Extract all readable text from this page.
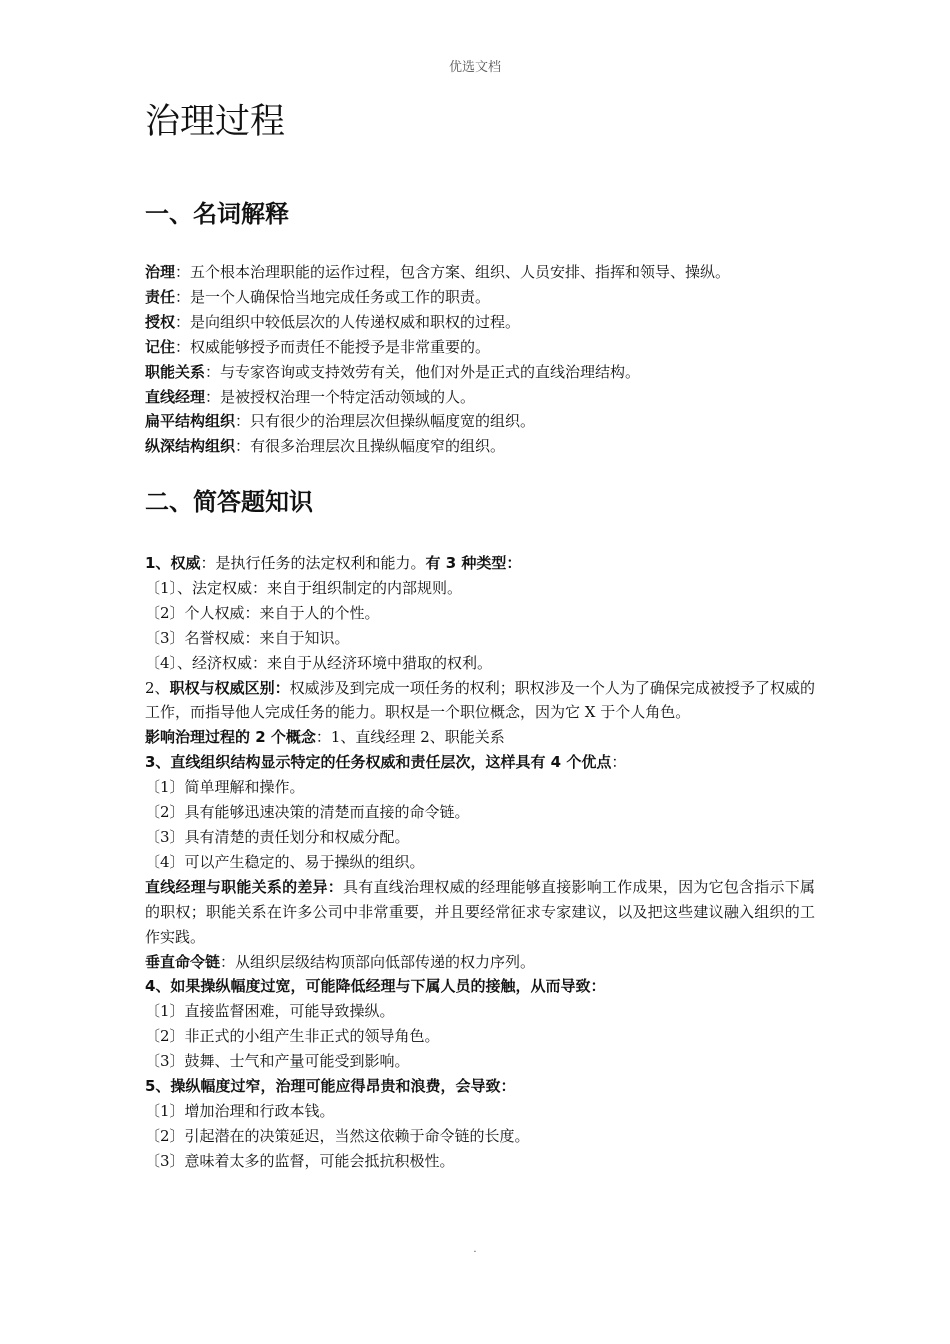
优选文档
治理过程
一、名词解释
治理：五个根本治理职能的运作过程，包含方案、组织、人员安排、指挥和领导、操纵。
责任：是一个人确保恰当地完成任务或工作的职责。
授权：是向组织中较低层次的人传递权威和职权的过程。
记住：权威能够授予而责任不能授予是非常重要的。
职能关系：与专家咨询或支持效劳有关，他们对外是正式的直线治理结构。
直线经理：是被授权治理一个特定活动领域的人。
扁平结构组织：只有很少的治理层次但操纵幅度宽的组织。
纵深结构组织：有很多治理层次且操纵幅度窄的组织。
二、简答题知识
1、权威：是执行任务的法定权利和能力。有 3 种类型：
〔1〕、法定权威：来自于组织制定的内部规则。
〔2〕个人权威：来自于人的个性。
〔3〕名誉权威：来自于知识。
〔4〕、经济权威：来自于从经济环境中猎取的权利。
2、职权与权威区别：权威涉及到完成一项任务的权利；职权涉及一个人为了确保完成被授予了权威的工作，而指导他人完成任务的能力。职权是一个职位概念，因为它 X 于个人角色。
影响治理过程的 2 个概念：1、直线经理 2、职能关系
3、直线组织结构显示特定的任务权威和责任层次，这样具有 4 个优点：
〔1〕简单理解和操作。
〔2〕具有能够迅速决策的清楚而直接的命令链。
〔3〕具有清楚的责任划分和权威分配。
〔4〕可以产生稳定的、易于操纵的组织。
直线经理与职能关系的差异：具有直线治理权威的经理能够直接影响工作成果，因为它包含指示下属的职权；职能关系在许多公司中非常重要，并且要经常征求专家建议，以及把这些建议融入组织的工作实践。
垂直命令链：从组织层级结构顶部向低部传递的权力序列。
4、如果操纵幅度过宽，可能降低经理与下属人员的接触，从而导致：
〔1〕直接监督困难，可能导致操纵。
〔2〕非正式的小组产生非正式的领导角色。
〔3〕鼓舞、士气和产量可能受到影响。
5、操纵幅度过窄，治理可能应得昂贵和浪费，会导致：
〔1〕增加治理和行政本钱。
〔2〕引起潜在的决策延迟，当然这依赖于命令链的长度。
〔3〕意味着太多的监督，可能会抵抗积极性。
.
